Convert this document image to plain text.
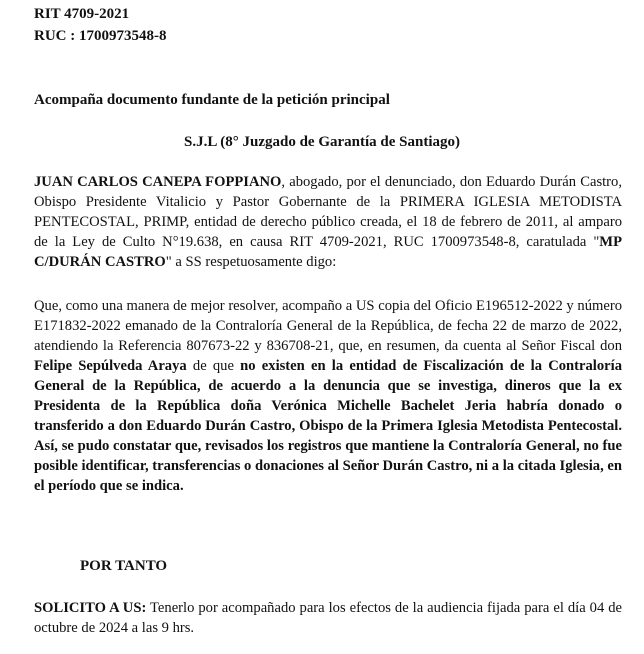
RIT 4709-2021

RUC : 1700973548-8

Acompaña documento fundante de la petición principal

S.J.L (8° Juzgado de Garantía de Santiago)

JUAN CARLOS CANEPA FOPPIANO, abogado, por el denunciado, don Eduardo Durán Castro, Obispo Presidente Vitalicio y Pastor Gobernante de la PRIMERA IGLESIA METODISTA PENTECOSTAL, PRIMP, entidad de derecho público creada, el 18 de febrero de 2011, al amparo de la Ley de Culto N°19.638, en causa RIT 4709-2021, RUC 1700973548-8, caratulada "MP C/DURÁN CASTRO" a SS respetuosamente digo:

Que, como una manera de mejor resolver, acompaño a US copia del Oficio E196512-2022 y número E171832-2022 emanado de la Contraloría General de la República, de fecha 22 de marzo de 2022, atendiendo la Referencia 807673-22 y 836708-21, que, en resumen, da cuenta al Señor Fiscal don Felipe Sepúlveda Araya de que no existen en la entidad de Fiscalización de la Contraloría General de la República, de acuerdo a la denuncia que se investiga, dineros que la ex Presidenta de la República doña Verónica Michelle Bachelet Jeria habría donado o transferido a don Eduardo Durán Castro, Obispo de la Primera Iglesia Metodista Pentecostal. Así, se pudo constatar que, revisados los registros que mantiene la Contraloría General, no fue posible identificar, transferencias o donaciones al Señor Durán Castro, ni a la citada Iglesia, en el período que se indica.

POR TANTO

SOLICITO A US: Tenerlo por acompañado para los efectos de la audiencia fijada para el día 04 de octubre de 2024 a las 9 hrs.
